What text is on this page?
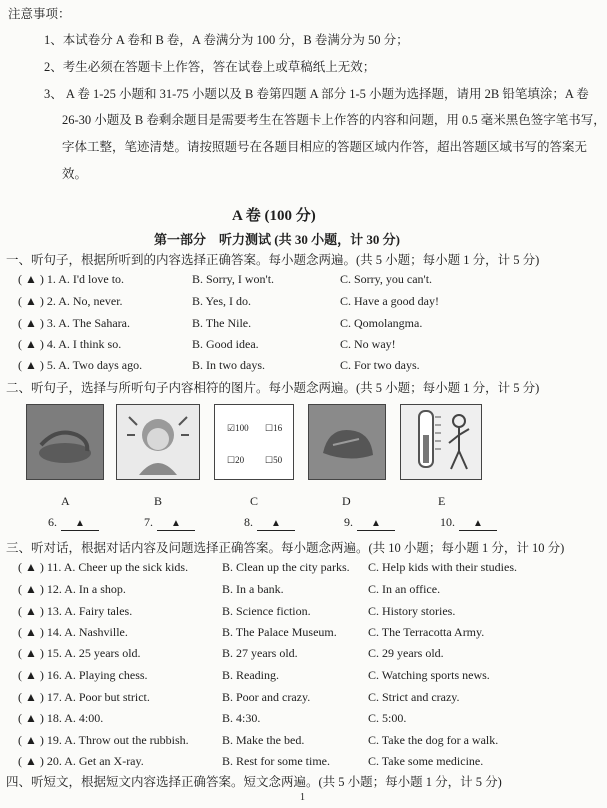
注意事项：
1、本试卷分 A 卷和 B 卷，A 卷满分为 100 分，B 卷满分为 50 分；
2、考生必须在答题卡上作答，答在试卷上或草稿纸上无效；
3、 A 卷 1-25 小题和 31-75 小题以及 B 卷第四题 A 部分 1-5 小题为选择题，请用 2B 铅笔填涂；A 卷
26-30 小题及 B 卷剩余题目是需要考生在答题卡上作答的内容和问题，用 0.5 毫米黑色签字笔书写，
字体工整，笔迹清楚。请按照题号在各题目相应的答题区域内作答，超出答题区域书写的答案无
效。
A 卷 (100 分)
第一部分　听力测试 (共 30 小题，计 30 分)
一、听句子，根据所听到的内容选择正确答案。每小题念两遍。(共 5 小题；每小题 1 分，计 5 分)
( ▲ ) 1. A. I'd love to.	B. Sorry, I won't.	C. Sorry, you can't.
( ▲ ) 2. A. No, never.	B. Yes, I do.	C. Have a good day!
( ▲ ) 3. A. The Sahara.	B. The Nile.	C. Qomolangma.
( ▲ ) 4. A. I think so.	B. Good idea.	C. No way!
( ▲ ) 5. A. Two days ago.	B. In two days.	C. For two days.
二、听句子，选择与所听句子内容相符的图片。每小题念两遍。(共 5 小题；每小题 1 分，计 5 分)
☑100 ☐16
☐20 ☐50
A	B	C	D	E
6. ▲	7. ▲	8. ▲	9. ▲	10. ▲
三、听对话，根据对话内容及问题选择正确答案。每小题念两遍。(共 10 小题；每小题 1 分，计 10 分)
( ▲ ) 11. A. Cheer up the sick kids.	B. Clean up the city parks. C. Help kids with their studies.
( ▲ ) 12. A. In a shop.	B. In a bank.	C. In an office.
( ▲ ) 13. A. Fairy tales.	B. Science fiction.	C. History stories.
( ▲ ) 14. A. Nashville.	B. The Palace Museum.	C. The Terracotta Army.
( ▲ ) 15. A. 25 years old.	B. 27 years old.	C. 29 years old.
( ▲ ) 16. A. Playing chess.	B. Reading.	C. Watching sports news.
( ▲ ) 17. A. Poor but strict.	B. Poor and crazy.	C. Strict and crazy.
( ▲ ) 18. A. 4:00.	B. 4:30.	C. 5:00.
( ▲ ) 19. A. Throw out the rubbish.	B. Make the bed.	C. Take the dog for a walk.
( ▲ ) 20. A. Get an X-ray.	B. Rest for some time.	C. Take some medicine.
四、听短文，根据短文内容选择正确答案。短文念两遍。(共 5 小题；每小题 1 分，计 5 分)
1
